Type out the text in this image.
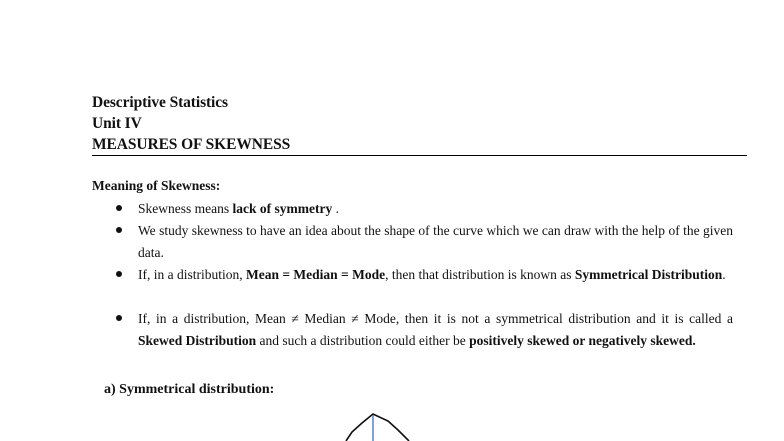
Descriptive Statistics
Unit IV
MEASURES OF SKEWNESS
Meaning of Skewness:
Skewness means lack of symmetry .
We study skewness to have an idea about the shape of the curve which we can draw with the help of the given data.
If, in a distribution, Mean = Median = Mode, then that distribution is known as Symmetrical Distribution.
If, in a distribution, Mean ≠ Median ≠ Mode, then it is not a symmetrical distribution and it is called a Skewed Distribution and such a distribution could either be positively skewed or negatively skewed.
a) Symmetrical distribution:
